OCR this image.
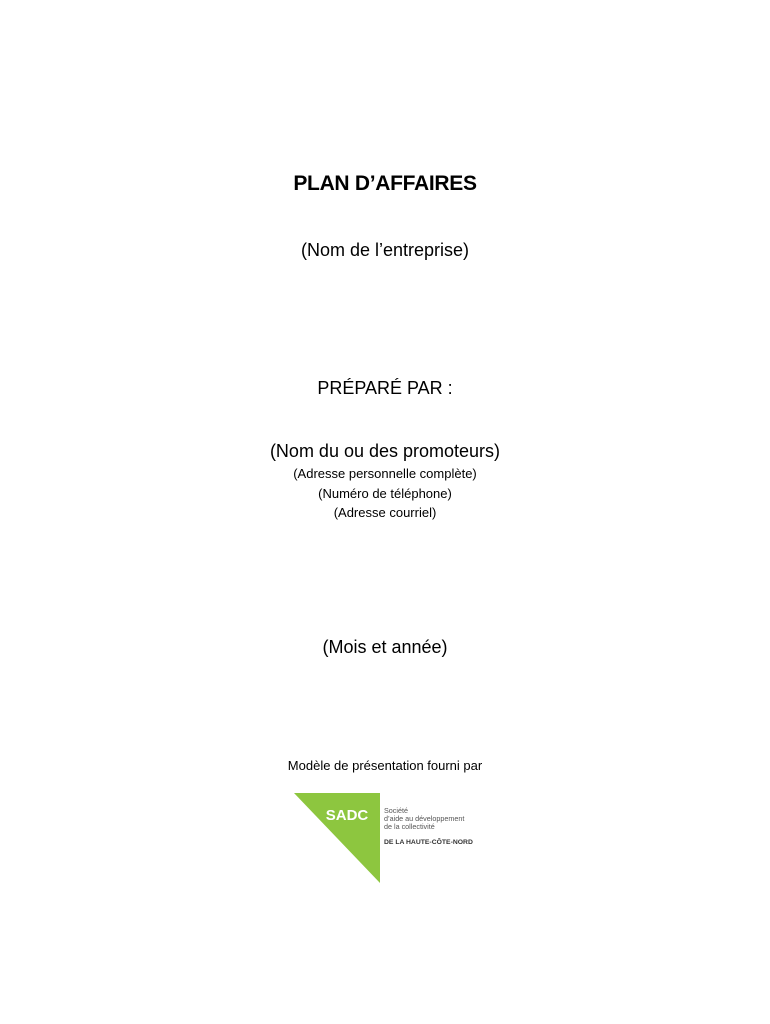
PLAN D’AFFAIRES
(Nom de l’entreprise)
PRÉPARÉ PAR :
(Nom du ou des promoteurs)
(Adresse personnelle complète)
(Numéro de téléphone)
(Adresse courriel)
(Mois et année)
Modèle de présentation fourni par
SADC Société
d’aide au développement
de la collectivité
DE LA HAUTE-CÔTE-NORD
